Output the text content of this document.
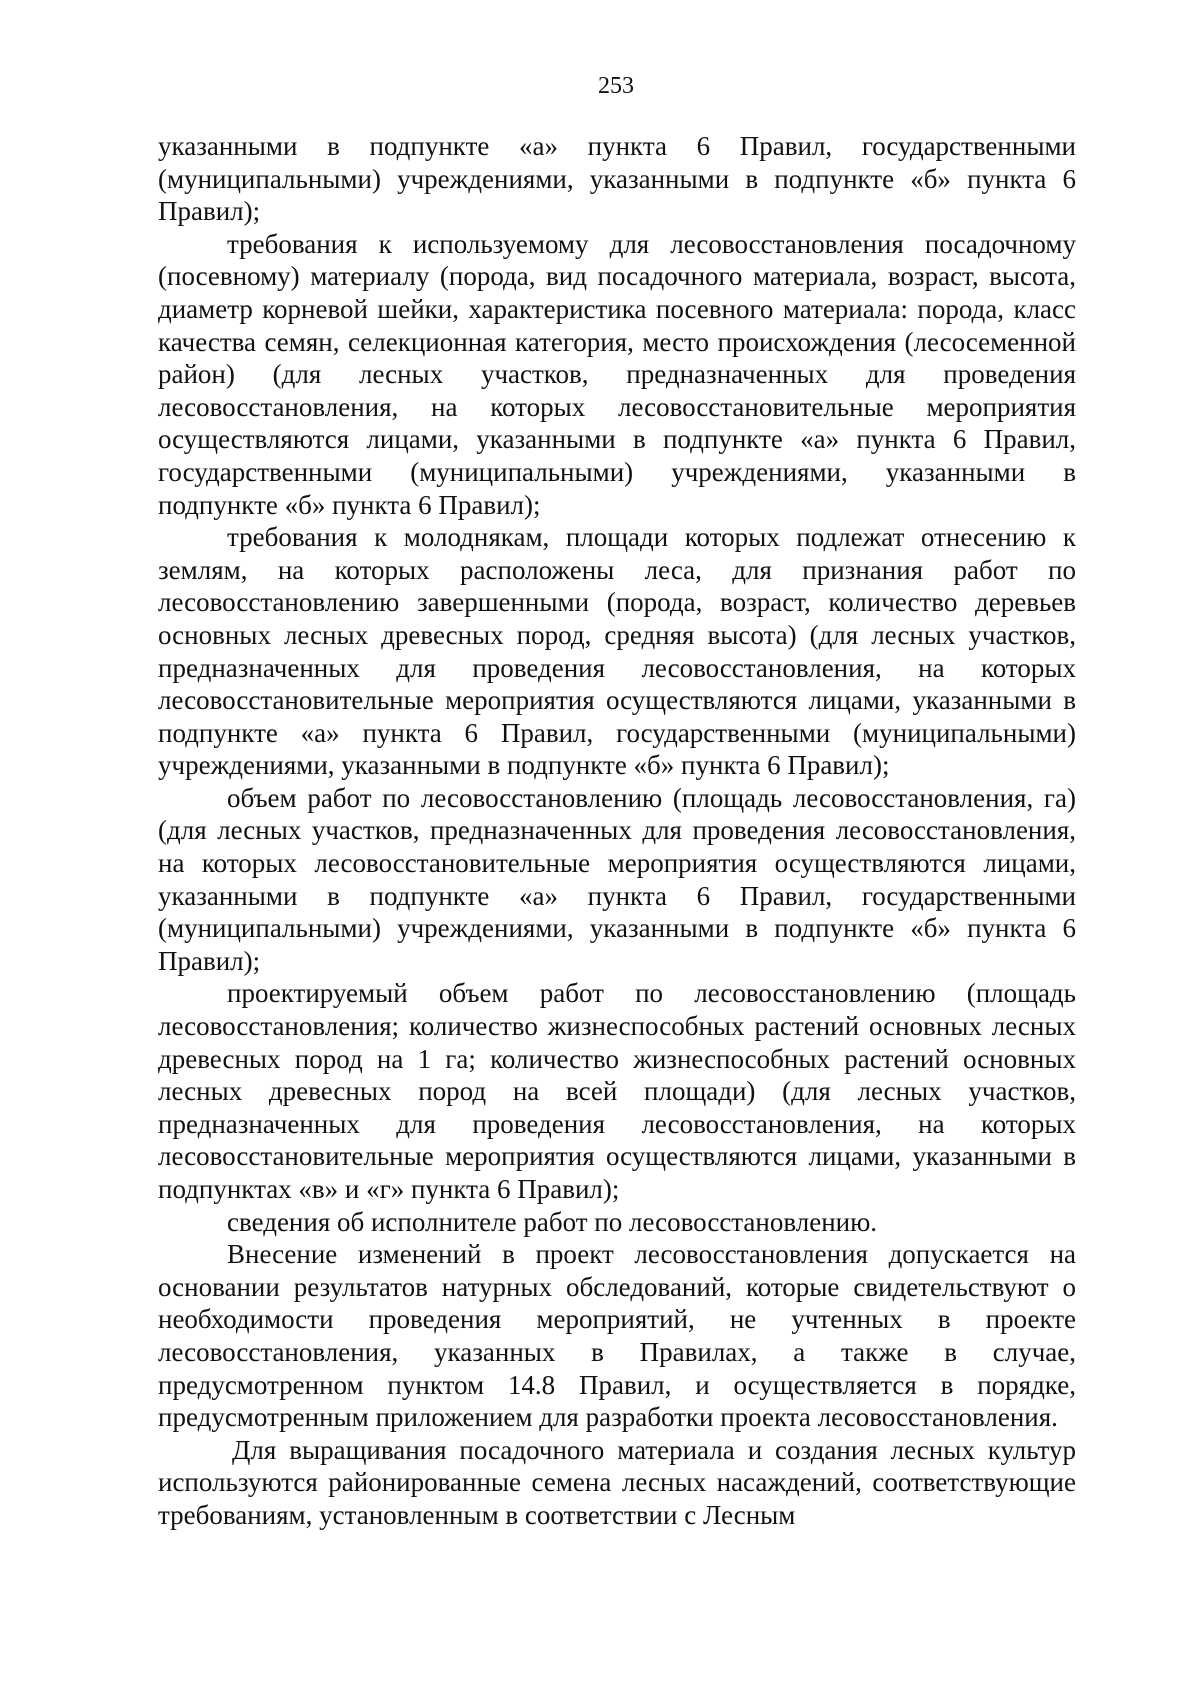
253

указанными в подпункте «а» пункта 6 Правил, государственными (муниципальными) учреждениями, указанными в подпункте «б» пункта 6 Правил);

требования к используемому для лесовосстановления посадочному (посевному) материалу (порода, вид посадочного материала, возраст, высота, диаметр корневой шейки, характеристика посевного материала: порода, класс качества семян, селекционная категория, место происхождения (лесосеменной район) (для лесных участков, предназначенных для проведения лесовосстановления, на которых лесовосстановительные мероприятия осуществляются лицами, указанными в подпункте «а» пункта 6 Правил, государственными (муниципальными) учреждениями, указанными в подпункте «б» пункта 6 Правил);

требования к молоднякам, площади которых подлежат отнесению к землям, на которых расположены леса, для признания работ по лесовосстановлению завершенными (порода, возраст, количество деревьев основных лесных древесных пород, средняя высота) (для лесных участков, предназначенных для проведения лесовосстановления, на которых лесовосстановительные мероприятия осуществляются лицами, указанными в подпункте «а» пункта 6 Правил, государственными (муниципальными) учреждениями, указанными в подпункте «б» пункта 6 Правил);

объем работ по лесовосстановлению (площадь лесовосстановления, га) (для лесных участков, предназначенных для проведения лесовосстановления, на которых лесовосстановительные мероприятия осуществляются лицами, указанными в подпункте «а» пункта 6 Правил, государственными (муниципальными) учреждениями, указанными в подпункте «б» пункта 6 Правил);

проектируемый объем работ по лесовосстановлению (площадь лесовосстановления; количество жизнеспособных растений основных лесных древесных пород на 1 га; количество жизнеспособных растений основных лесных древесных пород на всей площади) (для лесных участков, предназначенных для проведения лесовосстановления, на которых лесовосстановительные мероприятия осуществляются лицами, указанными в подпунктах «в» и «г» пункта 6 Правил);

сведения об исполнителе работ по лесовосстановлению.

Внесение изменений в проект лесовосстановления допускается на основании результатов натурных обследований, которые свидетельствуют о необходимости проведения мероприятий, не учтенных в проекте лесовосстановления, указанных в Правилах, а также в случае, предусмотренном пунктом 14.8 Правил, и осуществляется в порядке, предусмотренным приложением для разработки проекта лесовосстановления.

Для выращивания посадочного материала и создания лесных культур используются районированные семена лесных насаждений, соответствующие требованиям, установленным в соответствии с Лесным
